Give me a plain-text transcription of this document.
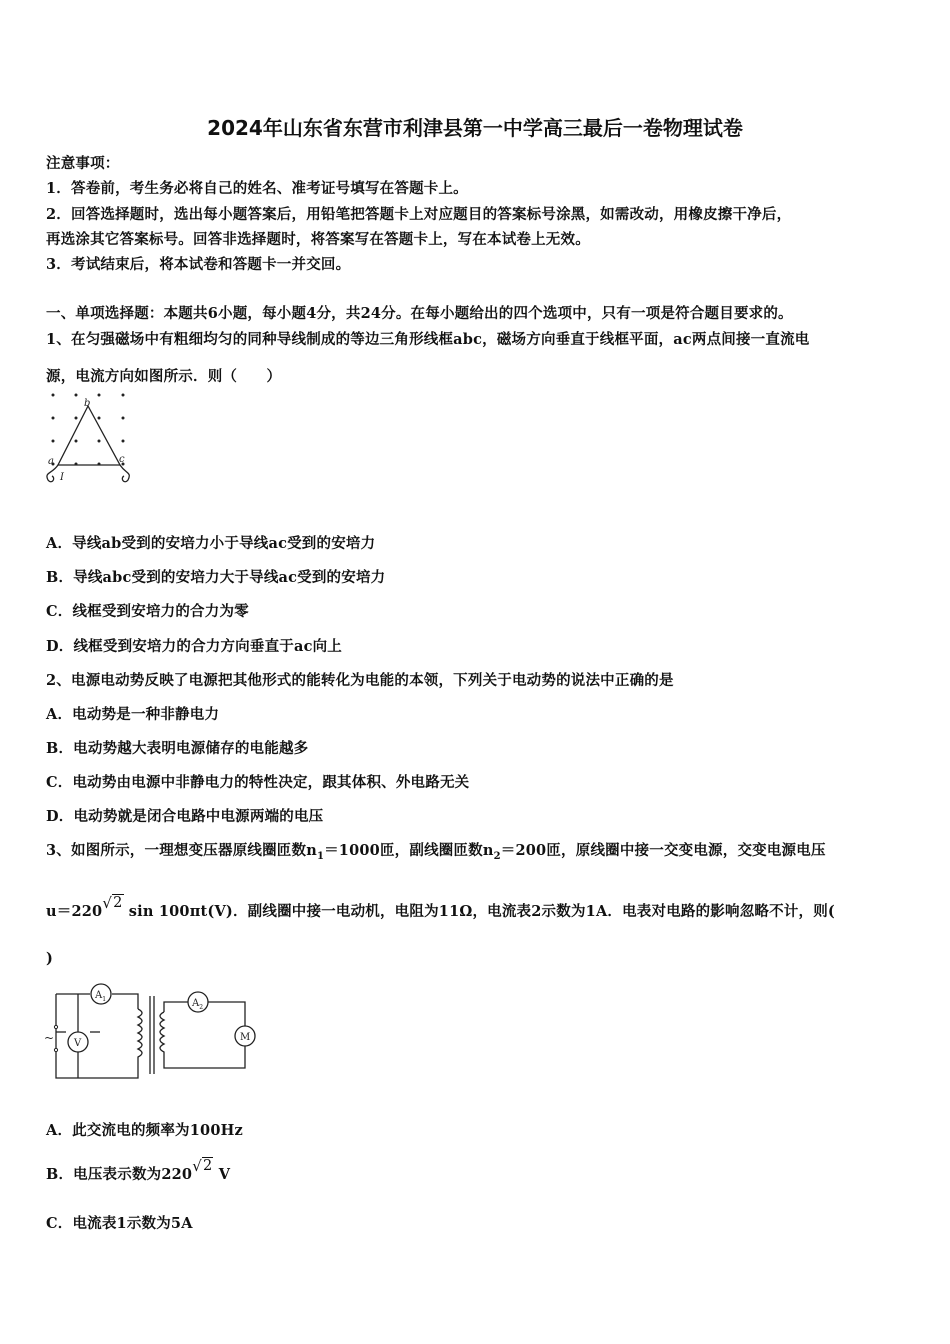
2024年山东省东营市利津县第一中学高三最后一卷物理试卷
注意事项：
1．答卷前，考生务必将自己的姓名、准考证号填写在答题卡上。
2．回答选择题时，选出每小题答案后，用铅笔把答题卡上对应题目的答案标号涂黑，如需改动，用橡皮擦干净后，
再选涂其它答案标号。回答非选择题时，将答案写在答题卡上，写在本试卷上无效。
3．考试结束后，将本试卷和答题卡一并交回。
一、单项选择题：本题共6小题，每小题4分，共24分。在每小题给出的四个选项中，只有一项是符合题目要求的。
1、在匀强磁场中有粗细均匀的同种导线制成的等边三角形线框abc，磁场方向垂直于线框平面，ac两点间接一直流电
源，电流方向如图所示．则（　　）
b
a	c
I
A．导线ab受到的安培力小于导线ac受到的安培力
B．导线abc受到的安培力大于导线ac受到的安培力
C．线框受到安培力的合力为零
D．线框受到安培力的合力方向垂直于ac向上
2、电源电动势反映了电源把其他形式的能转化为电能的本领，下列关于电动势的说法中正确的是
A．电动势是一种非静电力
B．电动势越大表明电源储存的电能越多
C．电动势由电源中非静电力的特性决定，跟其体积、外电路无关
D．电动势就是闭合电路中电源两端的电压
3、如图所示，一理想变压器原线圈匝数$n_1=1000$匝，副线圈匝数$n_2=200$匝，原线圈中接一交变电源，交变电源电压
u＝220√2 sin 100πt(V)．副线圈中接一电动机，电阻为11Ω，电流表2示数为1A．电表对电路的影响忽略不计，则(
)
$A_1$
V
~
$A_2$
M
A．此交流电的频率为100Hz
B．电压表示数为220√2 V
C．电流表1示数为5A
